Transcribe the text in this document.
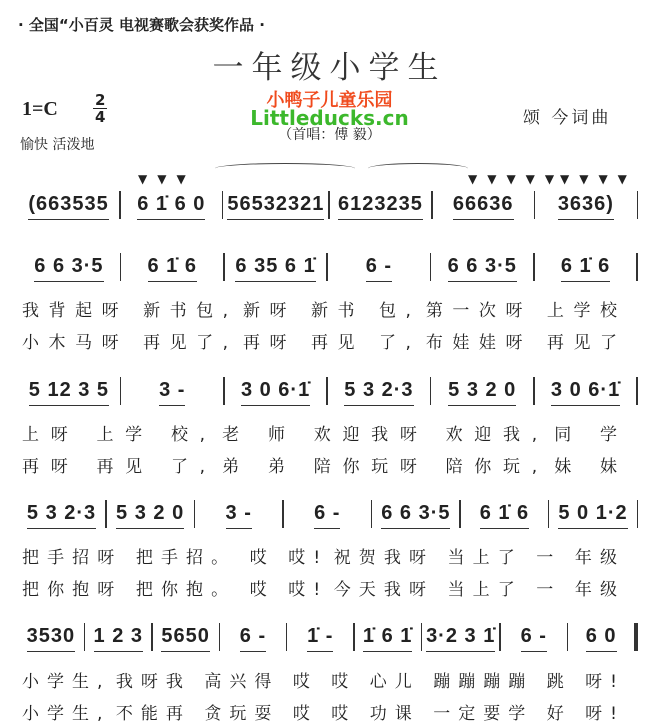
· 全国“小百灵 电视赛歌会获奖作品 ·
一年级小学生
1=C 2
4
愉快 活泼地
小鸭子儿童乐园
Littleducks.cn
（首唱：傅 毅）
颂 今词曲
▼▼▼	▼▼▼▼▼
▼▼▼▼
(663535 6 1̇ 6 0 56532321 6123235 66636 3636)
6 6 3·5 6 1̇ 6 6 35 6 1̇	6 -	6 6 3·5 6 1̇ 6
我背起呀 新书包, 新呀 新书 包, 第一次呀 上学校
小木马呀 再见了, 再呀 再见 了, 布娃娃呀 再见了
5 12 3 5	3 -	3 0 6·1̇ 5 3 2·3 5 3 2 0 3 0 6·1̇
上呀 上学 校, 老 师 欢迎我呀 欢迎我, 同 学
再呀 再见 了, 弟 弟 陪你玩呀 陪你玩, 妹 妹
5 3 2·3 5 3 2 0 3 -	6 - 6 6 3·5 6 1̇ 6 5 0 1·2
把手招呀 把手招。 哎 哎! 祝贺我呀 当上了 一 年级
把你抱呀 把你抱。 哎 哎! 今天我呀 当上了 一 年级
3530 1 2 3 5650 6 - 1̇ - 1̇ 6 1̇ 3·2 3 1̇ 6 - 6 0
小学生, 我呀我 高兴得 哎 哎 心儿 蹦蹦蹦蹦 跳 呀!
小学生, 不能再 贪玩耍 哎 哎 功课 一定要学 好 呀!
